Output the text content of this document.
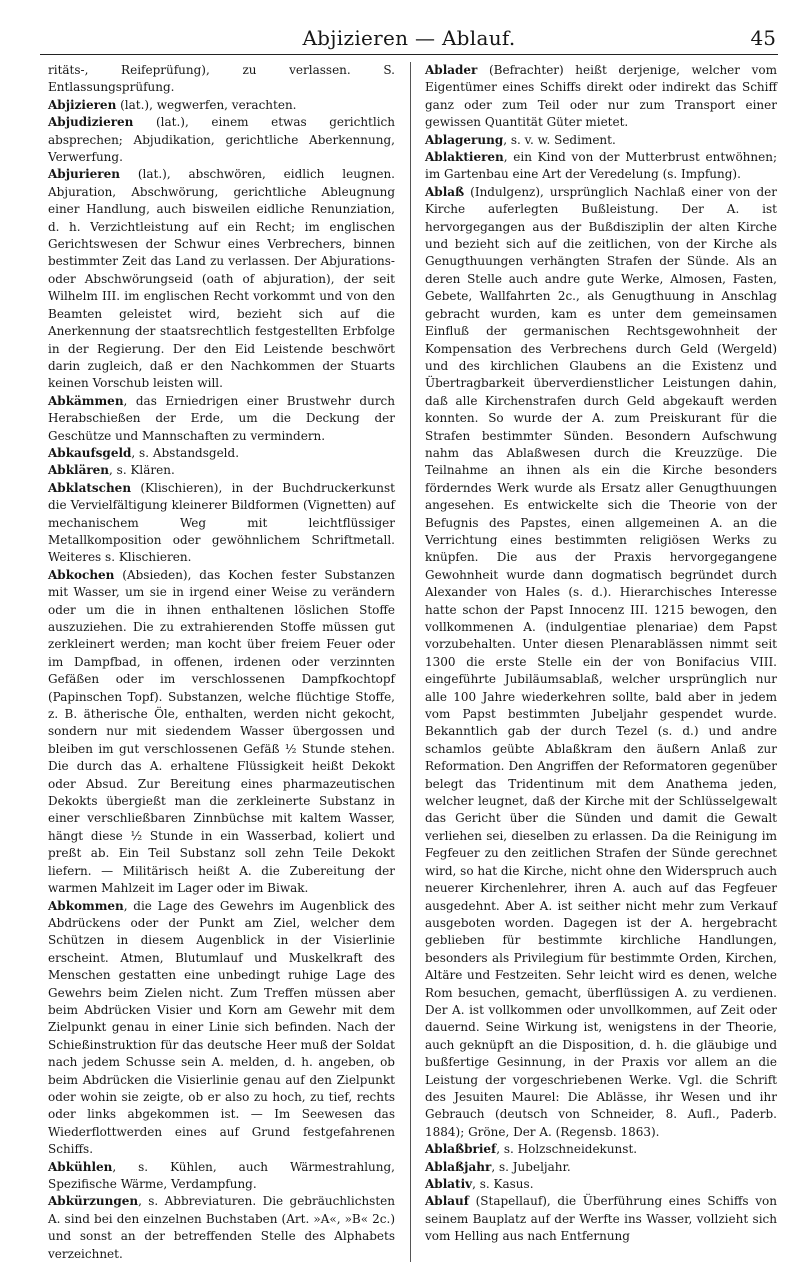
Abjizieren — Ablauf.	45

ritäts-, Reifeprüfung), zu verlassen. S. Entlassungsprüfung.

Abjizieren (lat.), wegwerfen, verachten.

Abjudizieren (lat.), einem etwas gerichtlich absprechen; Abjudikation, gerichtliche Aberkennung, Verwerfung.

Abjurieren (lat.), abschwören, eidlich leugnen. Abjuration, Abschwörung, gerichtliche Ableugnung einer Handlung, auch bisweilen eidliche Renunziation, d. h. Verzichtleistung auf ein Recht; im englischen Gerichtswesen der Schwur eines Verbrechers, binnen bestimmter Zeit das Land zu verlassen. Der Abjurations- oder Abschwörungseid (oath of abjuration), der seit Wilhelm III. im englischen Recht vorkommt und von den Beamten geleistet wird, bezieht sich auf die Anerkennung der staatsrechtlich festgestellten Erbfolge in der Regierung. Der den Eid Leistende beschwört darin zugleich, daß er den Nachkommen der Stuarts keinen Vorschub leisten will.

Abkämmen, das Erniedrigen einer Brustwehr durch Herabschießen der Erde, um die Deckung der Geschütze und Mannschaften zu vermindern.

Abkaufsgeld, s. Abstandsgeld.

Abklären, s. Klären.

Abklatschen (Klischieren), in der Buchdruckerkunst die Vervielfältigung kleinerer Bildformen (Vignetten) auf mechanischem Weg mit leichtflüssiger Metallkomposition oder gewöhnlichem Schriftmetall. Weiteres s. Klischieren.

Abkochen (Absieden), das Kochen fester Substanzen mit Wasser, um sie in irgend einer Weise zu verändern oder um die in ihnen enthaltenen löslichen Stoffe auszuziehen. Die zu extrahierenden Stoffe müssen gut zerkleinert werden; man kocht über freiem Feuer oder im Dampfbad, in offenen, irdenen oder verzinnten Gefäßen oder im verschlossenen Dampfkochtopf (Papinschen Topf). Substanzen, welche flüchtige Stoffe, z. B. ätherische Öle, enthalten, werden nicht gekocht, sondern nur mit siedendem Wasser übergossen und bleiben im gut verschlossenen Gefäß ½ Stunde stehen. Die durch das A. erhaltene Flüssigkeit heißt Dekokt oder Absud. Zur Bereitung eines pharmazeutischen Dekokts übergießt man die zerkleinerte Substanz in einer verschließbaren Zinnbüchse mit kaltem Wasser, hängt diese ½ Stunde in ein Wasserbad, koliert und preßt ab. Ein Teil Substanz soll zehn Teile Dekokt liefern. — Militärisch heißt A. die Zubereitung der warmen Mahlzeit im Lager oder im Biwak.

Abkommen, die Lage des Gewehrs im Augenblick des Abdrückens oder der Punkt am Ziel, welcher dem Schützen in diesem Augenblick in der Visierlinie erscheint. Atmen, Blutumlauf und Muskelkraft des Menschen gestatten eine unbedingt ruhige Lage des Gewehrs beim Zielen nicht. Zum Treffen müssen aber beim Abdrücken Visier und Korn am Gewehr mit dem Zielpunkt genau in einer Linie sich befinden. Nach der Schießinstruktion für das deutsche Heer muß der Soldat nach jedem Schusse sein A. melden, d. h. angeben, ob beim Abdrücken die Visierlinie genau auf den Zielpunkt oder wohin sie zeigte, ob er also zu hoch, zu tief, rechts oder links abgekommen ist. — Im Seewesen das Wiederflottwerden eines auf Grund festgefahrenen Schiffs.

Abkühlen, s. Kühlen, auch Wärmestrahlung, Spezifische Wärme, Verdampfung.

Abkürzungen, s. Abbreviaturen. Die gebräuchlichsten A. sind bei den einzelnen Buchstaben (Art. »A«, »B« 2c.) und sonst an der betreffenden Stelle des Alphabets verzeichnet.

Ablader (Befrachter) heißt derjenige, welcher vom Eigentümer eines Schiffs direkt oder indirekt das Schiff ganz oder zum Teil oder nur zum Transport einer gewissen Quantität Güter mietet.

Ablagerung, s. v. w. Sediment.

Ablaktieren, ein Kind von der Mutterbrust entwöhnen; im Gartenbau eine Art der Veredelung (s. Impfung).

Ablaß (Indulgenz), ursprünglich Nachlaß einer von der Kirche auferlegten Bußleistung. Der A. ist hervorgegangen aus der Bußdisziplin der alten Kirche und bezieht sich auf die zeitlichen, von der Kirche als Genugthuungen verhängten Strafen der Sünde. Als an deren Stelle auch andre gute Werke, Almosen, Fasten, Gebete, Wallfahrten 2c., als Genugthuung in Anschlag gebracht wurden, kam es unter dem gemeinsamen Einfluß der germanischen Rechtsgewohnheit der Kompensation des Verbrechens durch Geld (Wergeld) und des kirchlichen Glaubens an die Existenz und Übertragbarkeit überverdienstlicher Leistungen dahin, daß alle Kirchenstrafen durch Geld abgekauft werden konnten. So wurde der A. zum Preiskurant für die Strafen bestimmter Sünden. Besondern Aufschwung nahm das Ablaßwesen durch die Kreuzzüge. Die Teilnahme an ihnen als ein die Kirche besonders förderndes Werk wurde als Ersatz aller Genugthuungen angesehen. Es entwickelte sich die Theorie von der Befugnis des Papstes, einen allgemeinen A. an die Verrichtung eines bestimmten religiösen Werks zu knüpfen. Die aus der Praxis hervorgegangene Gewohnheit wurde dann dogmatisch begründet durch Alexander von Hales (s. d.). Hierarchisches Interesse hatte schon der Papst Innocenz III. 1215 bewogen, den vollkommenen A. (indulgentiae plenariae) dem Papst vorzubehalten. Unter diesen Plenarablässen nimmt seit 1300 die erste Stelle ein der von Bonifacius VIII. eingeführte Jubiläumsablaß, welcher ursprünglich nur alle 100 Jahre wiederkehren sollte, bald aber in jedem vom Papst bestimmten Jubeljahr gespendet wurde. Bekanntlich gab der durch Tezel (s. d.) und andre schamlos geübte Ablaßkram den äußern Anlaß zur Reformation. Den Angriffen der Reformatoren gegenüber belegt das Tridentinum mit dem Anathema jeden, welcher leugnet, daß der Kirche mit der Schlüsselgewalt das Gericht über die Sünden und damit die Gewalt verliehen sei, dieselben zu erlassen. Da die Reinigung im Fegfeuer zu den zeitlichen Strafen der Sünde gerechnet wird, so hat die Kirche, nicht ohne den Widerspruch auch neuerer Kirchenlehrer, ihren A. auch auf das Fegfeuer ausgedehnt. Aber A. ist seither nicht mehr zum Verkauf ausgeboten worden. Dagegen ist der A. hergebracht geblieben für bestimmte kirchliche Handlungen, besonders als Privilegium für bestimmte Orden, Kirchen, Altäre und Festzeiten. Sehr leicht wird es denen, welche Rom besuchen, gemacht, überflüssigen A. zu verdienen. Der A. ist vollkommen oder unvollkommen, auf Zeit oder dauernd. Seine Wirkung ist, wenigstens in der Theorie, auch geknüpft an die Disposition, d. h. die gläubige und bußfertige Gesinnung, in der Praxis vor allem an die Leistung der vorgeschriebenen Werke. Vgl. die Schrift des Jesuiten Maurel: Die Ablässe, ihr Wesen und ihr Gebrauch (deutsch von Schneider, 8. Aufl., Paderb. 1884); Gröne, Der A. (Regensb. 1863).

Ablaßbrief, s. Holzschneidekunst.

Ablaßjahr, s. Jubeljahr.

Ablativ, s. Kasus.

Ablauf (Stapellauf), die Überführung eines Schiffs von seinem Bauplatz auf der Werfte ins Wasser, vollzieht sich vom Helling aus nach Entfernung
